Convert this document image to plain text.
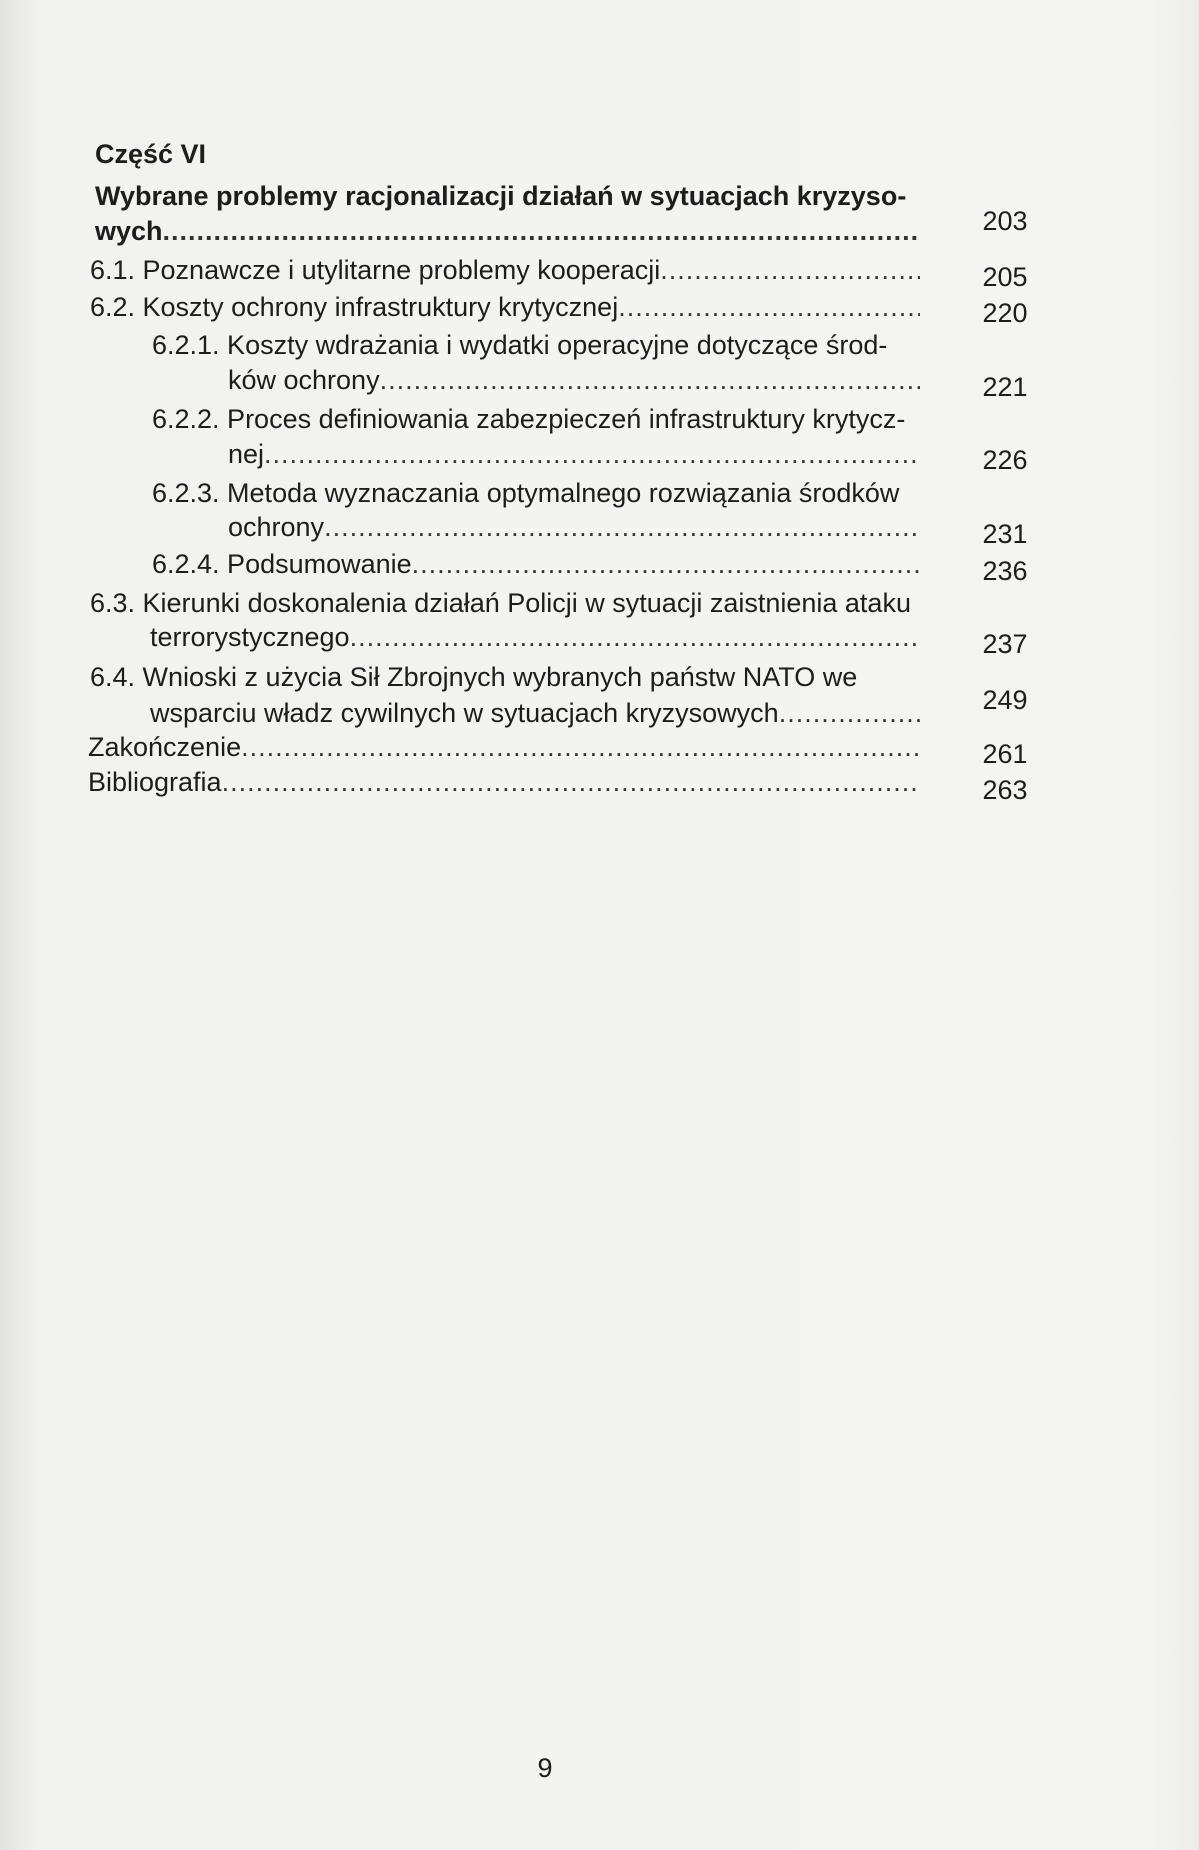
Część VI
Wybrane problemy racjonalizacji działań w sytuacjach kryzyso-
wych .....	203
6.1. Poznawcze i utylitarne problemy kooperacji .....	205
6.2. Koszty ochrony infrastruktury krytycznej .....	220
6.2.1. Koszty wdrażania i wydatki operacyjne dotyczące środ-
ków ochrony .....	221
6.2.2. Proces definiowania zabezpieczeń infrastruktury krytycz-
nej .....	226
6.2.3. Metoda wyznaczania optymalnego rozwiązania środków
ochrony .....	231
6.2.4. Podsumowanie .....	236
6.3. Kierunki doskonalenia działań Policji w sytuacji zaistnienia ataku
terrorystycznego .....	237
6.4. Wnioski z użycia Sił Zbrojnych wybranych państw NATO we
wsparciu władz cywilnych w sytuacjach kryzysowych .....	249
Zakończenie .....	261
Bibliografia .....	263
9
